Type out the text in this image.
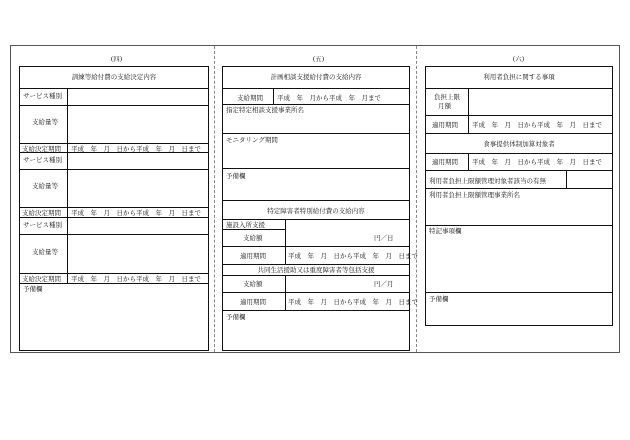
(四)
訓練等給付費の支給決定内容
サービス種別
支給量等
支給決定期間 平成　年　月　日から平成　年　月　日まで
サービス種別
支給量等
支給決定期間 平成　年　月　日から平成　年　月　日まで
サービス種別
支給量等
支給決定期間 平成　年　月　日から平成　年　月　日まで
予備欄
(五)
計画相談支援給付費の支給内容
支給期間 平成　年　月から平成　年　月まで
指定特定相談支援事業所名
モニタリング期間
予備欄
特定障害者特別給付費の支給内容
施設入所支援
支給額	円／日
適用期間	平成　年　月　日から平成　年　月　日まで
共同生活援助又は重度障害者等包括支援
支給額	円／月
適用期間	平成　年　月　日から平成　年　月　日まで
予備欄
(六)
利用者負担に関する事項
負担上限
月額
適用期間 平成　年　月　日から平成　年　月　日まで
食事提供体制加算対象者
適用期間 平成　年　月　日から平成　年　月　日まで
利用者負担上限額管理対象者該当の有無
利用者負担上限額管理事業所名
特記事項欄
予備欄
